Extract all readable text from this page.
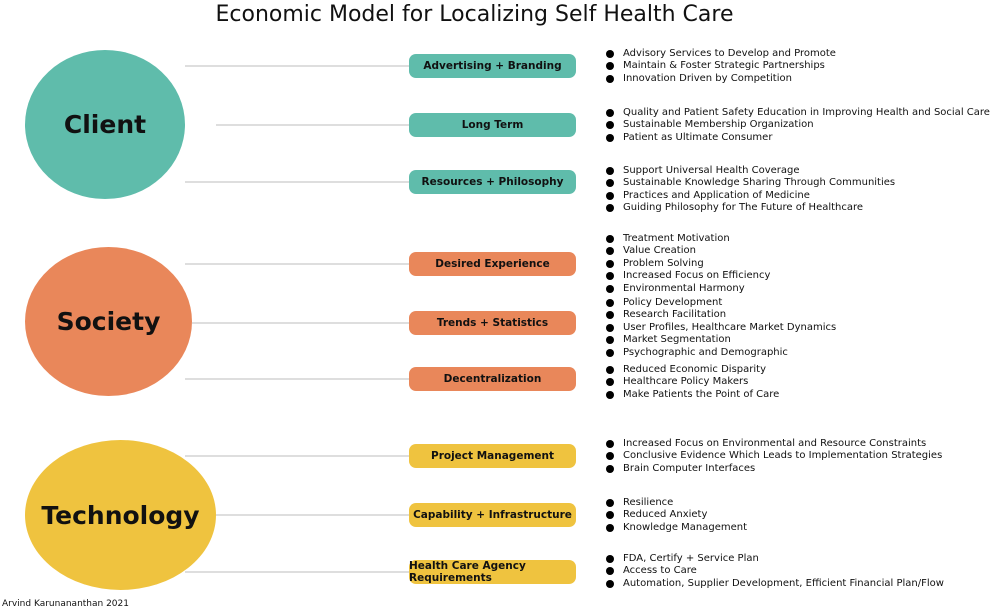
Economic Model for Localizing Self Health Care
Client
Advertising + Branding
Long Term
Resources + Philosophy
Advisory Services to Develop and Promote
Maintain & Foster Strategic Partnerships
Innovation Driven by Competition
Quality and Patient Safety Education in Improving Health and Social Care
Sustainable Membership Organization
Patient as Ultimate Consumer
Support Universal Health Coverage
Sustainable Knowledge Sharing Through Communities
Practices and Application of Medicine
Guiding Philosophy for The Future of Healthcare
Society
Desired Experience
Trends + Statistics
Decentralization
Treatment Motivation
Value Creation
Problem Solving
Increased Focus on Efficiency
Environmental Harmony
Policy Development
Research Facilitation
User Profiles, Healthcare Market Dynamics
Market Segmentation
Psychographic and Demographic
Reduced Economic Disparity
Healthcare Policy Makers
Make Patients the Point of Care
Technology
Project Management
Capability + Infrastructure
Health Care Agency Requirements
Increased Focus on Environmental and Resource Constraints
Conclusive Evidence Which Leads to Implementation Strategies
Brain Computer Interfaces
Resilience
Reduced Anxiety
Knowledge Management
FDA, Certify + Service Plan
Access to Care
Automation, Supplier Development, Efficient Financial Plan/Flow
Arvind Karunananthan 2021
